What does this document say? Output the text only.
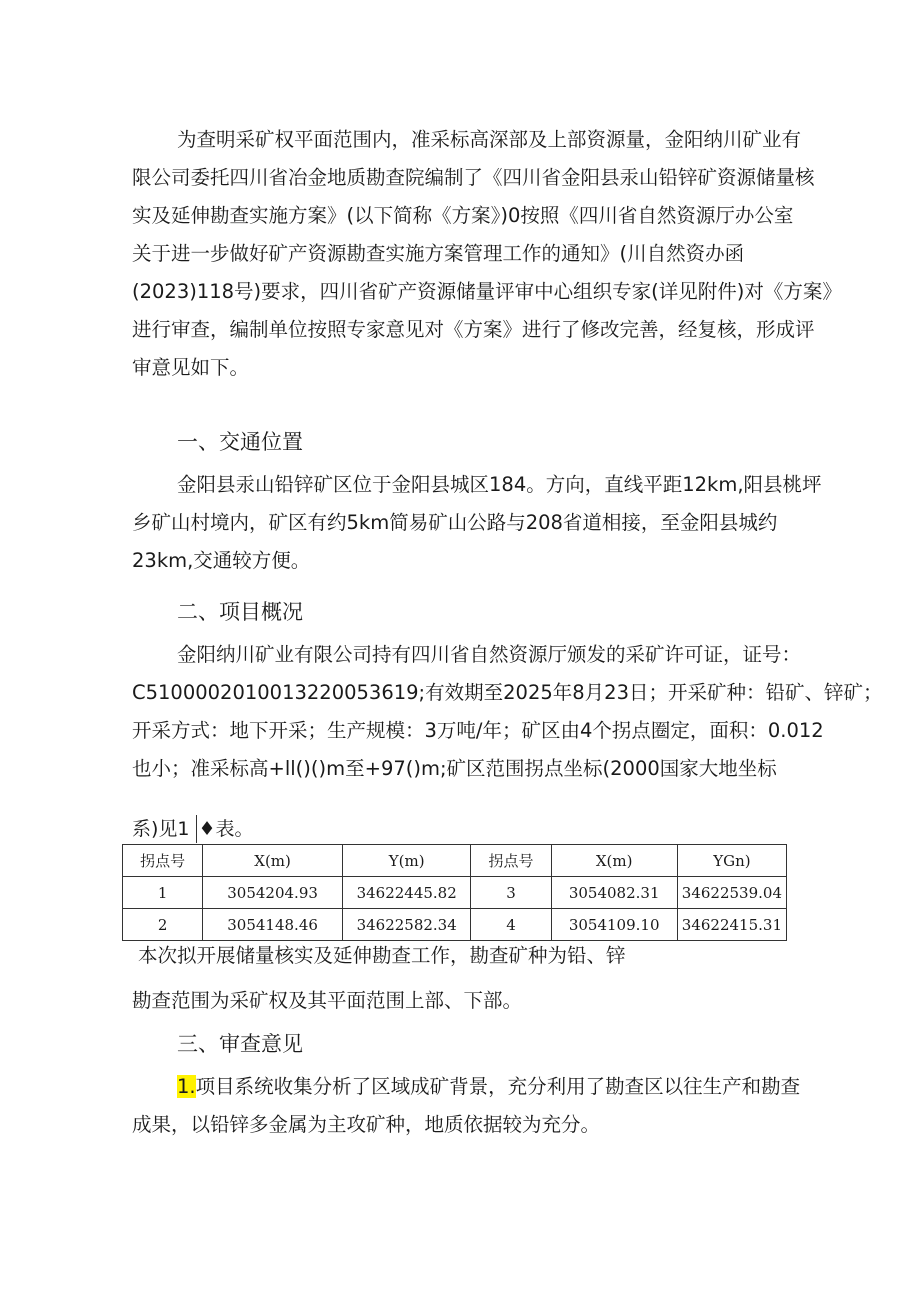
为查明采矿权平面范围内，准采标高深部及上部资源量，金阳纳川矿业有
限公司委托四川省冶金地质勘查院编制了《四川省金阳县汞山铅锌矿资源储量核
实及延伸勘查实施方案》(以下简称《方案》)0按照《四川省自然资源厅办公室
关于进一步做好矿产资源勘查实施方案管理工作的通知》(川自然资办函
(2023)118号)要求，四川省矿产资源储量评审中心组织专家(详见附件)对《方案》
进行审查，编制单位按照专家意见对《方案》进行了修改完善，经复核，形成评
审意见如下。
一、交通位置
金阳县汞山铅锌矿区位于金阳县城区184。方向，直线平距12km,阳县桃坪
乡矿山村境内，矿区有约5km简易矿山公路与208省道相接，至金阳县城约
23km,交通较方便。
二、项目概况
金阳纳川矿业有限公司持有四川省自然资源厅颁发的采矿许可证，证号：
C5100002010013220053619;有效期至2025年8月23日；开采矿种：铅矿、锌矿；
开采方式：地下开采；生产规模：3万吨/年；矿区由4个拐点圈定，面积：0.012
也小；准采标高+ll()()m至+97()m;矿区范围拐点坐标(2000国家大地坐标
系)见1 ♦表。
拐点号	X(m)	Y(m)	拐点号	X(m)	YGn)
1	3054204.93	34622445.82	3	3054082.31	34622539.04
2	3054148.46	34622582.34	4	3054109.10	34622415.31
本次拟开展储量核实及延伸勘查工作，勘查矿种为铅、锌
勘查范围为采矿权及其平面范围上部、下部。
三、审查意见
1.项目系统收集分析了区域成矿背景，充分利用了勘查区以往生产和勘查
成果，以铅锌多金属为主攻矿种，地质依据较为充分。
